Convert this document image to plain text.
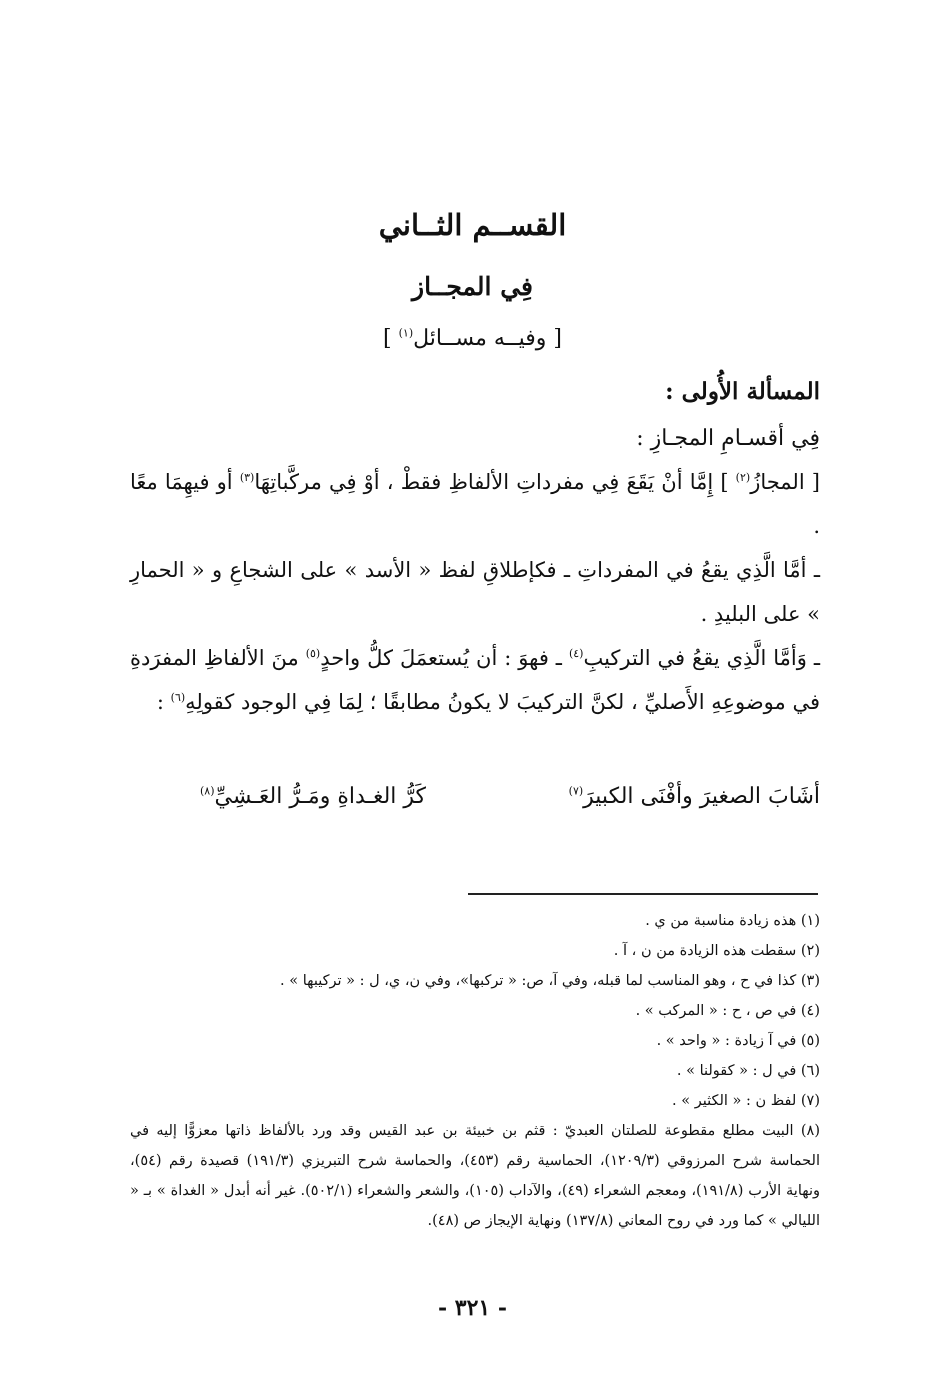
القســم الثــاني
فِي المجــاز
[ وفيــه مســائل$^{(١)}$ ]
المسألة الأُولى :
فِي أقسـامِ المجـازِ :

[ المجازُ$^{(٢)}$ ] إِمَّا أنْ يَقَعَ فِي مفرداتِ الألفاظِ فقطْ ، أوْ فِي مركَّباتِهَا$^{(٣)}$ أو فيهِمَا معًا .

ـ أمَّا الَّذِي يقعُ في المفرداتِ ـ فكإطلاقِ لفظ « الأسد » على الشجاعِ و « الحمارِ » على البليدِ .

ـ وَأمَّا الَّذِي يقعُ في التركيبِ$^{(٤)}$ ـ فهوَ : أن يُستعمَلَ كلُّ واحدٍ$^{(٥)}$ منَ الألفاظِ المفرَدةِ في موضوعِهِ الأَصليِّ ، لكنَّ التركيبَ لا يكونُ مطابقًا ؛ لِمَا فِي الوجود كقولِهِ$^{(٦)}$ :

أشَابَ الصغيرَ وأفْنَى الكبيرَ$^{(٧)}$
كَرُّ الغـداةِ ومَـرُّ العَـشِيِّ$^{(٨)}$

(١) هذه زيادة مناسبة من ي .

(٢) سقطت هذه الزيادة من ن ، آ .

(٣) كذا في ح ، وهو المناسب لما قبله، وفي آ، ص: « تركبها»، وفي ن، ي، ل : « تركيبها » .

(٤) في ص ، ح : « المركب » .

(٥) في آ زيادة : « واحد » .

(٦) في ل : « كقولنا » .

(٧) لفظ ن : « الكثير » .

(٨) البيت مطلع مقطوعة للصلتان العبديّ : قثم بن خبيئة بن عبد القيس وقد ورد بالألفاظ ذاتها معزوًّا إليه في الحماسة شرح المرزوقي (١٢٠٩/٣)، الحماسية رقم (٤٥٣)، والحماسة شرح التبريزي (١٩١/٣) قصيدة رقم (٥٤)، ونهاية الأرب (١٩١/٨)، ومعجم الشعراء (٤٩)، والآداب (١٠٥)، والشعر والشعراء (٥٠٢/١). غير أنه أبدل « الغداة » بـ « الليالي » كما ورد في روح المعاني (١٣٧/٨) ونهاية الإيجاز ص (٤٨).

- ٣٢١ -
